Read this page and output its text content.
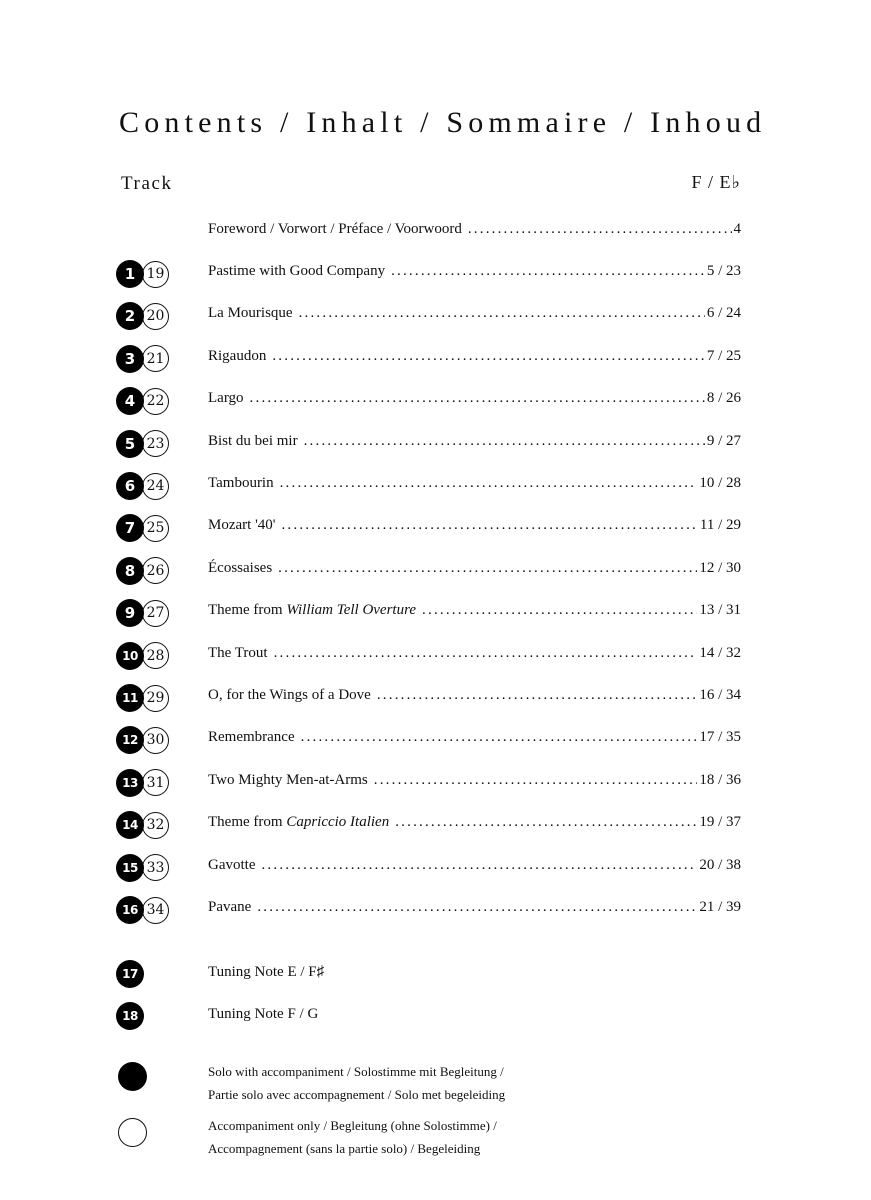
Contents / Inhalt / Sommaire / Inhoud
Track	F / E♭
Foreword / Vorwort / Préface / Voorwoord .....	4
1 19	Pastime with Good Company .....	5 / 23
2 20	La Mourisque .....	6 / 24
3 21	Rigaudon .....	7 / 25
4 22	Largo .....	8 / 26
5 23	Bist du bei mir .....	9 / 27
6 24	Tambourin .....	10 / 28
7 25	Mozart '40' .....	11 / 29
8 26	Écossaises .....	12 / 30
9 27	Theme from William Tell Overture .....	13 / 31
10 28	The Trout .....	14 / 32
11 29	O, for the Wings of a Dove .....	16 / 34
12 30	Remembrance .....	17 / 35
13 31	Two Mighty Men-at-Arms .....	18 / 36
14 32	Theme from Capriccio Italien .....	19 / 37
15 33	Gavotte .....	20 / 38
16 34	Pavane .....	21 / 39
17	Tuning Note E / F♯
18	Tuning Note F / G
Solo with accompaniment / Solostimme mit Begleitung /
Partie solo avec accompagnement / Solo met begeleiding
Accompaniment only / Begleitung (ohne Solostimme) /
Accompagnement (sans la partie solo) / Begeleiding
